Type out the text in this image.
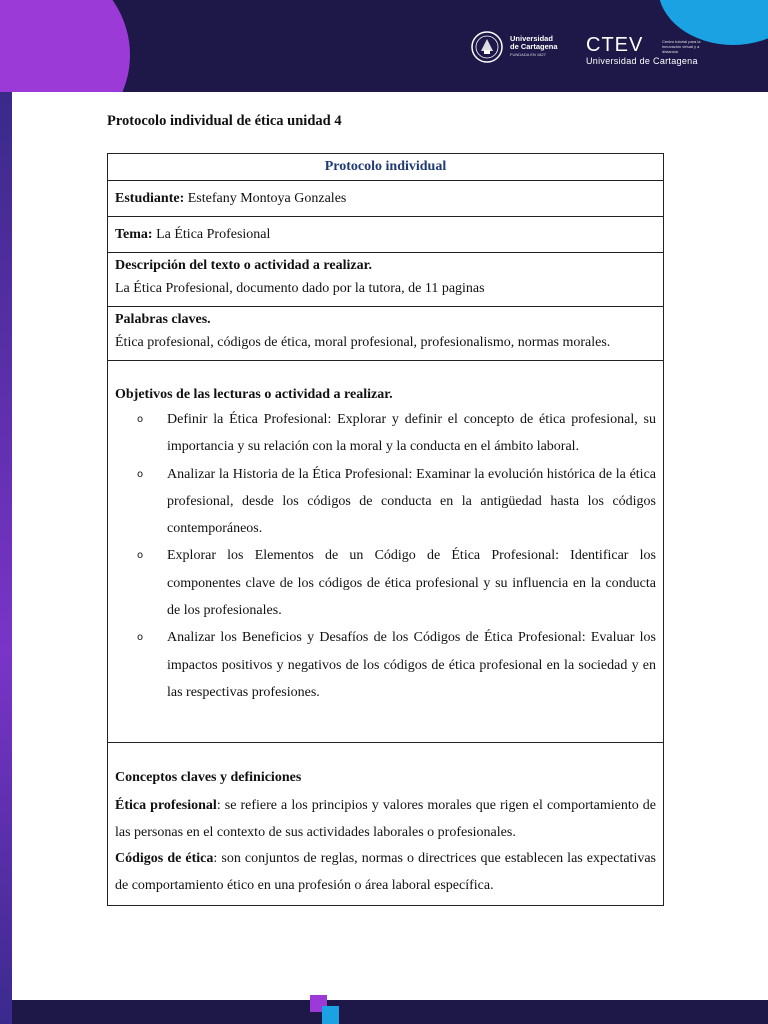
Universidad
de Cartagena
FUNDADA EN 1827	CTEV	Centro tutorial para la innovación virtual y a distancia
Universidad de Cartagena
Protocolo individual de ética unidad 4
Protocolo individual
Estudiante: Estefany Montoya Gonzales
Tema: La Ética Profesional

Descripción del texto o actividad a realizar.
La Ética Profesional, documento dado por la tutora, de 11 paginas

Palabras claves.
Ética profesional, códigos de ética, moral profesional, profesionalismo, normas morales.

Objetivos de las lecturas o actividad a realizar.
o Definir la Ética Profesional: Explorar y definir el concepto de ética profesional, su importancia y su relación con la moral y la conducta en el ámbito laboral.
o Analizar la Historia de la Ética Profesional: Examinar la evolución histórica de la ética profesional, desde los códigos de conducta en la antigüedad hasta los códigos contemporáneos.
o Explorar los Elementos de un Código de Ética Profesional: Identificar los componentes clave de los códigos de ética profesional y su influencia en la conducta de los profesionales.
o Analizar los Beneficios y Desafíos de los Códigos de Ética Profesional: Evaluar los impactos positivos y negativos de los códigos de ética profesional en la sociedad y en las respectivas profesiones.

Conceptos claves y definiciones

Ética profesional: se refiere a los principios y valores morales que rigen el comportamiento de las personas en el contexto de sus actividades laborales o profesionales.

Códigos de ética: son conjuntos de reglas, normas o directrices que establecen las expectativas de comportamiento ético en una profesión o área laboral específica.
